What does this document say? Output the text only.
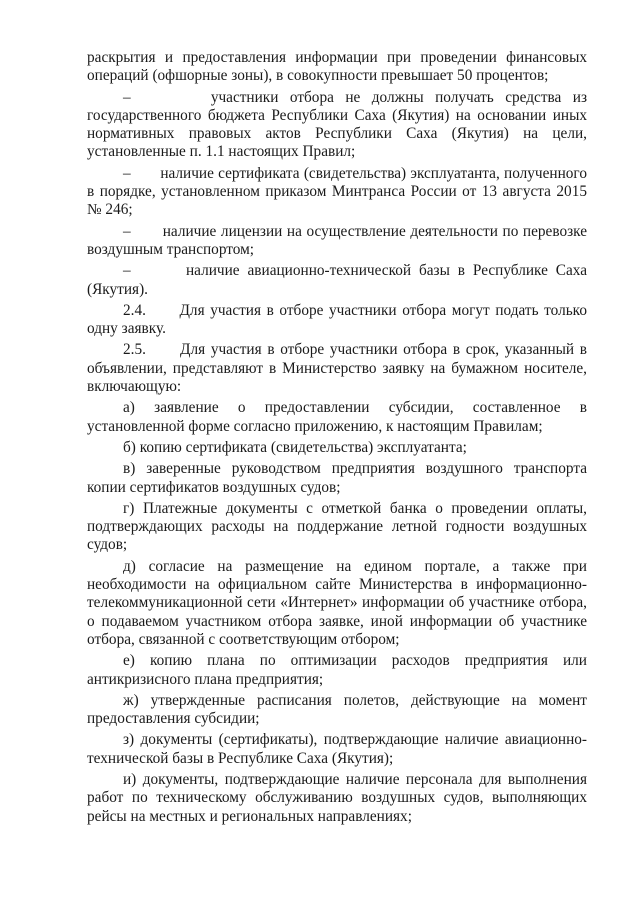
раскрытия и предоставления информации при проведении финансовых операций (офшорные зоны), в совокупности превышает 50 процентов;

–	участники отбора не должны получать средства из государственного бюджета Республики Саха (Якутия) на основании иных нормативных правовых актов Республики Саха (Якутия) на цели, установленные п. 1.1 настоящих Правил;

– наличие сертификата (свидетельства) эксплуатанта, полученного в порядке, установленном приказом Минтранса России от 13 августа 2015 № 246;

– наличие лицензии на осуществление деятельности по перевозке воздушным транспортом;

–	наличие авиационно-технической базы в Республике Саха (Якутия).

2.4. Для участия в отборе участники отбора могут подать только одну заявку.

2.5. Для участия в отборе участники отбора в срок, указанный в объявлении, представляют в Министерство заявку на бумажном носителе, включающую:

а) заявление о предоставлении субсидии, составленное в установленной форме согласно приложению, к настоящим Правилам;

б) копию сертификата (свидетельства) эксплуатанта;

в) заверенные руководством предприятия воздушного транспорта копии сертификатов воздушных судов;

г) Платежные документы с отметкой банка о проведении оплаты, подтверждающих расходы на поддержание летной годности воздушных судов;

д) согласие на размещение на едином портале, а также при необходимости на официальном сайте Министерства в информационно-телекоммуникационной сети «Интернет» информации об участнике отбора, о подаваемом участником отбора заявке, иной информации об участнике отбора, связанной с соответствующим отбором;

е) копию плана по оптимизации расходов предприятия или антикризисного плана предприятия;

ж) утвержденные расписания полетов, действующие на момент предоставления субсидии;

з) документы (сертификаты), подтверждающие наличие авиационно-технической базы в Республике Саха (Якутия);

и) документы, подтверждающие наличие персонала для выполнения работ по техническому обслуживанию воздушных судов, выполняющих рейсы на местных и региональных направлениях;
